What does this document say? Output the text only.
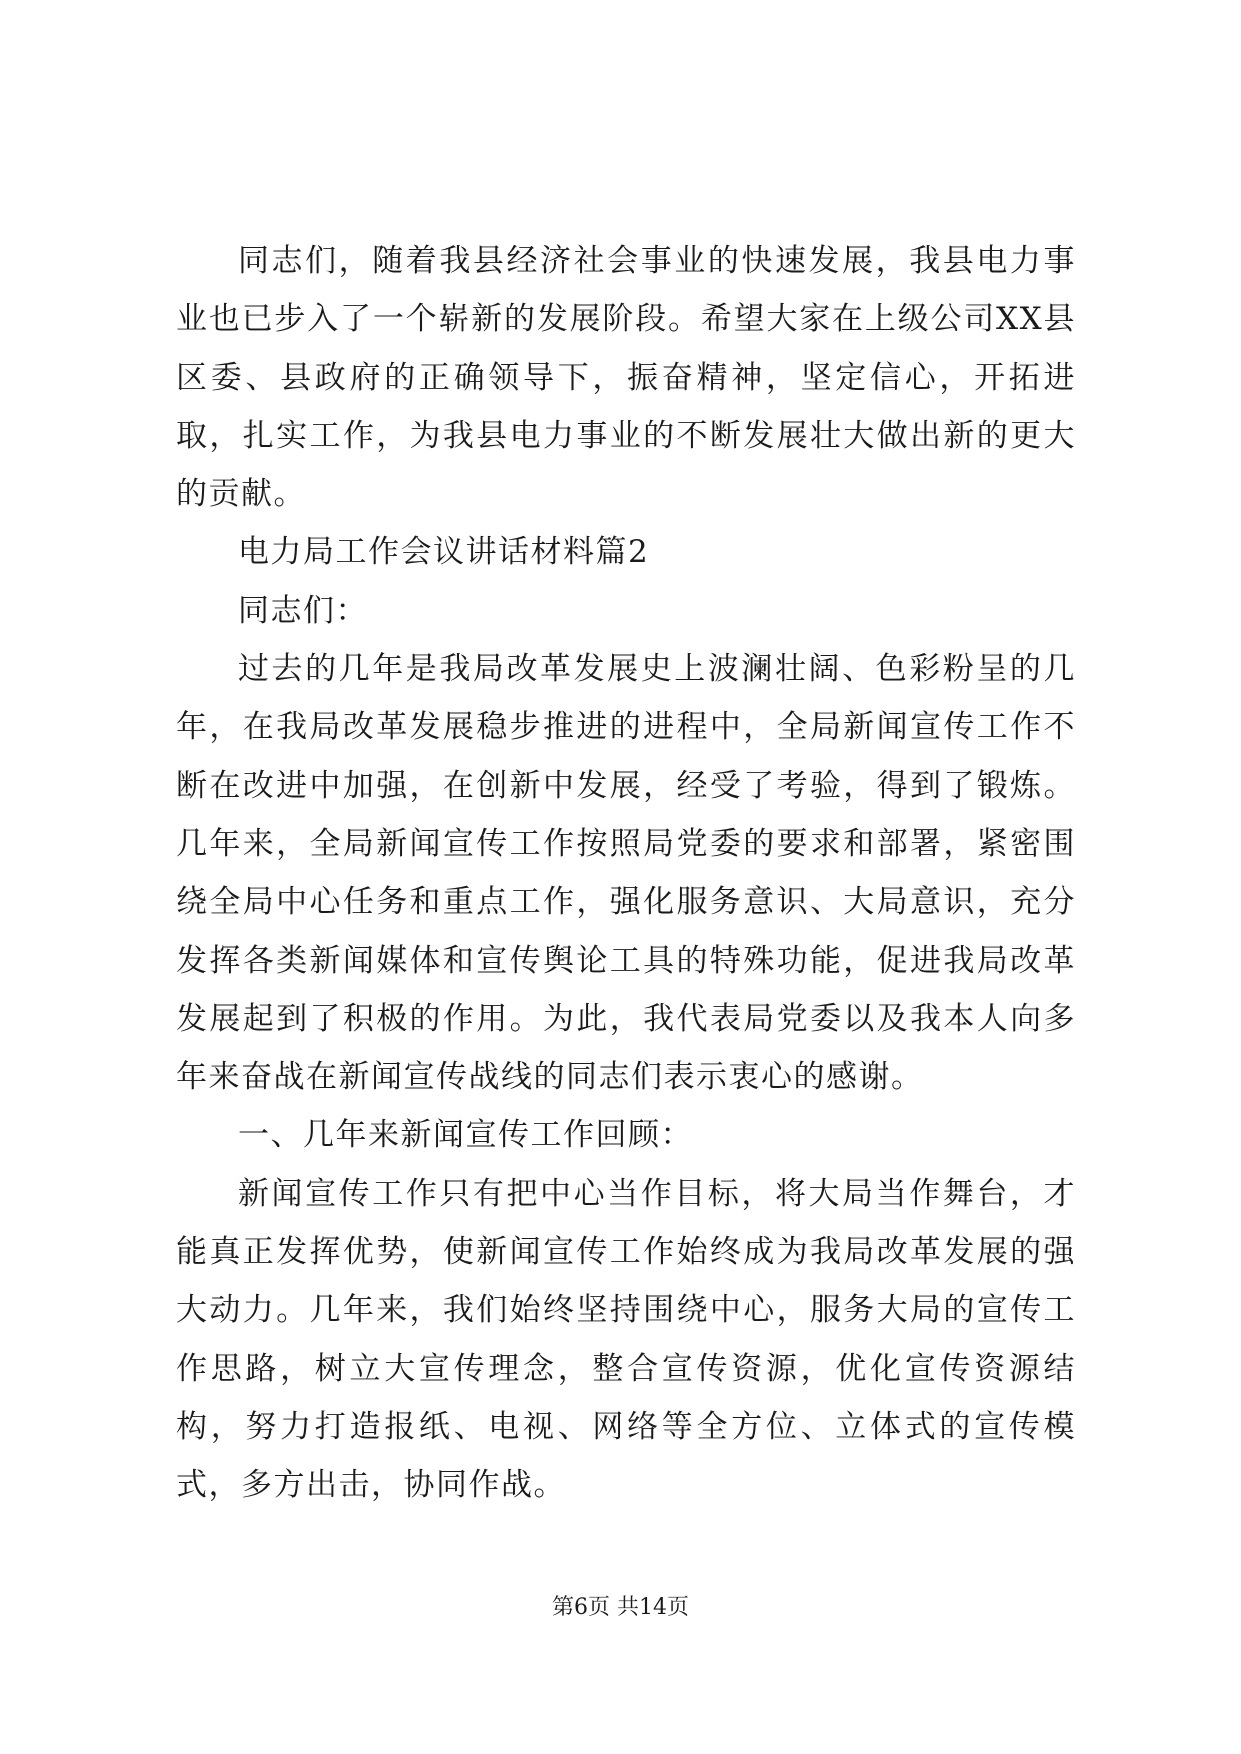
同志们，随着我县经济社会事业的快速发展，我县电力事业也已步入了一个崭新的发展阶段。希望大家在上级公司XX县区委、县政府的正确领导下，振奋精神，坚定信心，开拓进取，扎实工作，为我县电力事业的不断发展壮大做出新的更大的贡献。

电力局工作会议讲话材料篇2

同志们：

过去的几年是我局改革发展史上波澜壮阔、色彩粉呈的几年，在我局改革发展稳步推进的进程中，全局新闻宣传工作不断在改进中加强，在创新中发展，经受了考验，得到了锻炼。几年来，全局新闻宣传工作按照局党委的要求和部署，紧密围绕全局中心任务和重点工作，强化服务意识、大局意识，充分发挥各类新闻媒体和宣传舆论工具的特殊功能，促进我局改革发展起到了积极的作用。为此，我代表局党委以及我本人向多年来奋战在新闻宣传战线的同志们表示衷心的感谢。

一、几年来新闻宣传工作回顾：

新闻宣传工作只有把中心当作目标，将大局当作舞台，才能真正发挥优势，使新闻宣传工作始终成为我局改革发展的强大动力。几年来，我们始终坚持围绕中心，服务大局的宣传工作思路，树立大宣传理念，整合宣传资源，优化宣传资源结构，努力打造报纸、电视、网络等全方位、立体式的宣传模式，多方出击，协同作战。

第6页 共14页
